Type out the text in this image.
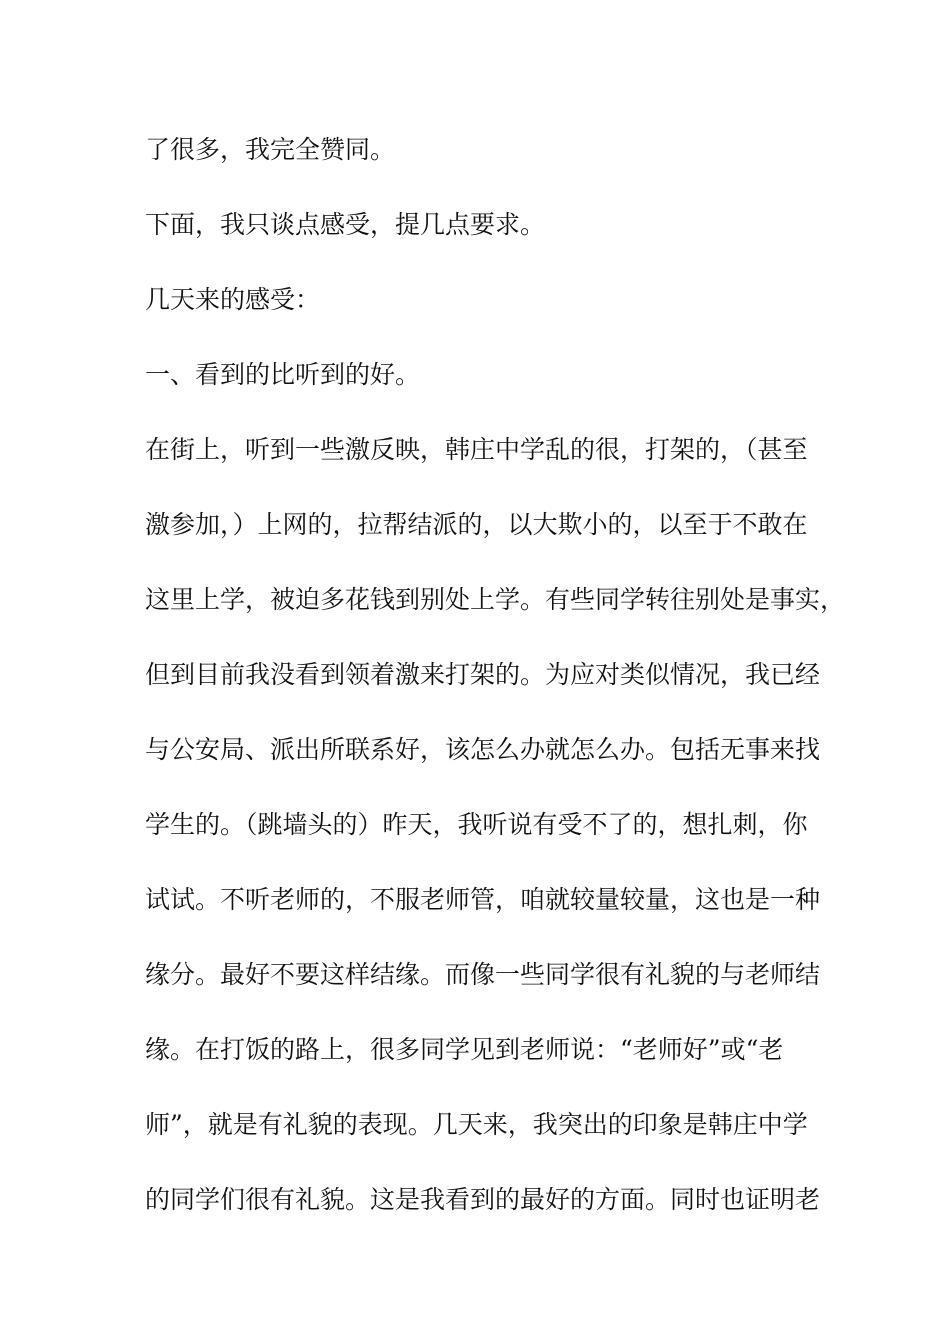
了很多，我完全赞同。
下面，我只谈点感受，提几点要求。
几天来的感受：
一、看到的比听到的好。
在街上，听到一些激反映，韩庄中学乱的很，打架的，（甚至
激参加，）上网的，拉帮结派的，以大欺小的，以至于不敢在
这里上学，被迫多花钱到别处上学。有些同学转往别处是事实，
但到目前我没看到领着激来打架的。为应对类似情况，我已经
与公安局、派出所联系好，该怎么办就怎么办。包括无事来找
学生的。（跳墙头的）昨天，我听说有受不了的，想扎刺，你
试试。不听老师的，不服老师管，咱就较量较量，这也是一种
缘分。最好不要这样结缘。而像一些同学很有礼貌的与老师结
缘。在打饭的路上，很多同学见到老师说：“老师好”或“老
师”，就是有礼貌的表现。几天来，我突出的印象是韩庄中学
的同学们很有礼貌。这是我看到的最好的方面。同时也证明老
